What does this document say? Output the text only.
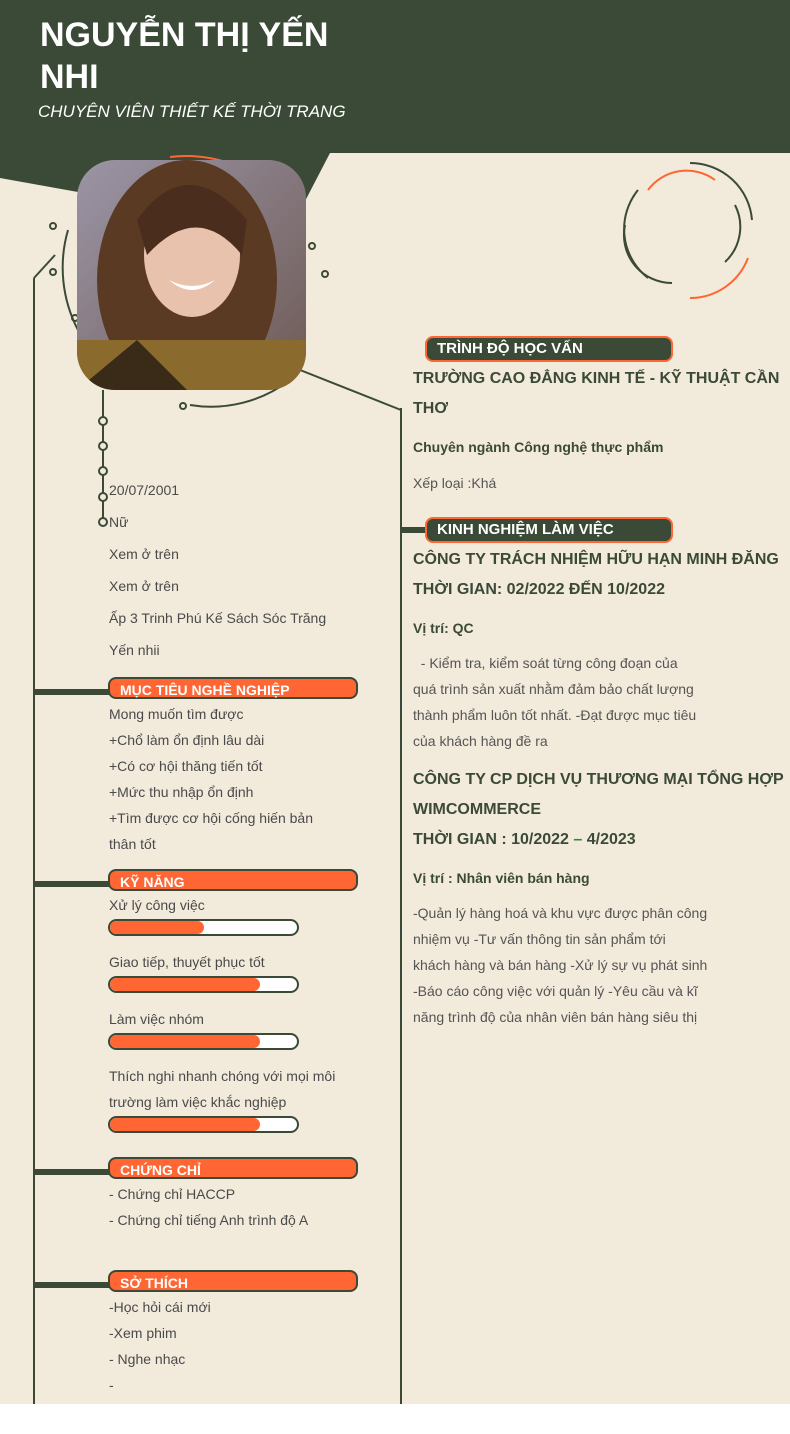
NGUYỄN THỊ YẾN NHI
CHUYÊN VIÊN THIẾT KẾ THỜI TRANG
20/07/2001
Nữ
Xem ở trên
Xem ở trên
Ấp 3 Trinh Phú Kế Sách Sóc Trăng
Yến nhii
MỤC TIÊU NGHỀ NGHIỆP
Mong muốn tìm được
+Chổ làm ổn định lâu dài
+Có cơ hội thăng tiến tốt
+Mức thu nhập ổn định
+Tìm được cơ hội cống hiến bản
thân tốt
KỸ NĂNG
Xử lý công việc
Giao tiếp, thuyết phục tốt
Làm việc nhóm
Thích nghi nhanh chóng với mọi môi
trường làm việc khắc nghiệp
CHỨNG CHỈ
- Chứng chỉ HACCP
- Chứng chỉ tiếng Anh trình độ A
SỞ THÍCH
-Học hỏi cái mới
-Xem phim
- Nghe nhạc
-
TRÌNH ĐỘ HỌC VẤN
TRƯỜNG CAO ĐẲNG KINH TẾ - KỸ THUẬT CẦN
THƠ
Chuyên ngành Công nghệ thực phẩm
Xếp loại :Khá
KINH NGHIỆM LÀM VIỆC
CÔNG TY TRÁCH NHIỆM HỮU HẠN MINH ĐĂNG
THỜI GIAN: 02/2022 ĐẾN 10/2022
Vị trí: QC
- Kiểm tra, kiểm soát từng công đoạn của
quá trình sản xuất nhằm đảm bảo chất lượng
thành phẩm luôn tốt nhất. -Đạt được mục tiêu
của khách hàng đề ra
CÔNG TY CP DỊCH VỤ THƯƠNG MẠI TỔNG HỢP
WIMCOMMERCE
THỜI GIAN : 10/2022 – 4/2023
Vị trí : Nhân viên bán hàng
-Quản lý hàng hoá và khu vực được phân công
nhiệm vụ -Tư vấn thông tin sản phẩm tới
khách hàng và bán hàng -Xử lý sự vụ phát sinh
-Báo cáo công việc với quản lý -Yêu cầu và kĩ
năng trình độ của nhân viên bán hàng siêu thị
